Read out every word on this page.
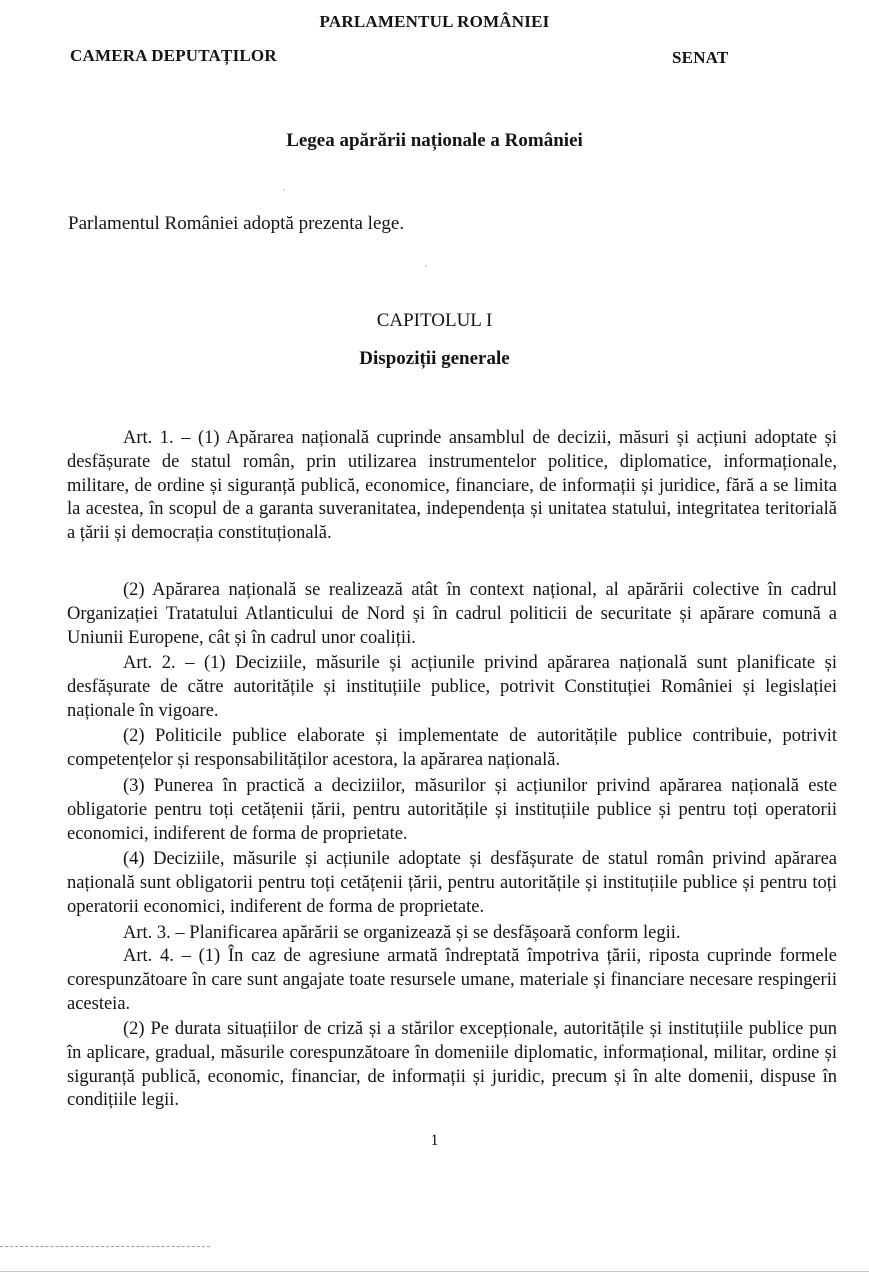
PARLAMENTUL ROMÂNIEI
CAMERA DEPUTAȚILOR	SENAT
Legea apărării naționale a României
Parlamentul României adoptă prezenta lege.
CAPITOLUL I
Dispoziții generale

Art. 1. – (1) Apărarea națională cuprinde ansamblul de decizii, măsuri și acțiuni adoptate și desfășurate de statul român, prin utilizarea instrumentelor politice, diplomatice, informaționale, militare, de ordine și siguranță publică, economice, financiare, de informații și juridice, fără a se limita la acestea, în scopul de a garanta suveranitatea, independența și unitatea statului, integritatea teritorială a țării și democrația constituțională.

(2) Apărarea națională se realizează atât în context național, al apărării colective în cadrul Organizației Tratatului Atlanticului de Nord și în cadrul politicii de securitate și apărare comună a Uniunii Europene, cât și în cadrul unor coaliții.

Art. 2. – (1) Deciziile, măsurile și acțiunile privind apărarea națională sunt planificate și desfășurate de către autoritățile și instituțiile publice, potrivit Constituției României și legislației naționale în vigoare.

(2) Politicile publice elaborate și implementate de autoritățile publice contribuie, potrivit competențelor și responsabilităților acestora, la apărarea națională.

(3) Punerea în practică a deciziilor, măsurilor și acțiunilor privind apărarea națională este obligatorie pentru toți cetățenii țării, pentru autoritățile și instituțiile publice și pentru toți operatorii economici, indiferent de forma de proprietate.

(4) Deciziile, măsurile și acțiunile adoptate și desfășurate de statul român privind apărarea națională sunt obligatorii pentru toți cetățenii țării, pentru autoritățile și instituțiile publice și pentru toți operatorii economici, indiferent de forma de proprietate.

Art. 3. – Planificarea apărării se organizează și se desfășoară conform legii.

Art. 4. – (1) În caz de agresiune armată îndreptată împotriva țării, riposta cuprinde formele corespunzătoare în care sunt angajate toate resursele umane, materiale și financiare necesare respingerii acesteia.

(2) Pe durata situațiilor de criză și a stărilor excepționale, autoritățile și instituțiile publice pun în aplicare, gradual, măsurile corespunzătoare în domeniile diplomatic, informațional, militar, ordine și siguranță publică, economic, financiar, de informații și juridic, precum și în alte domenii, dispuse în condițiile legii.

1
